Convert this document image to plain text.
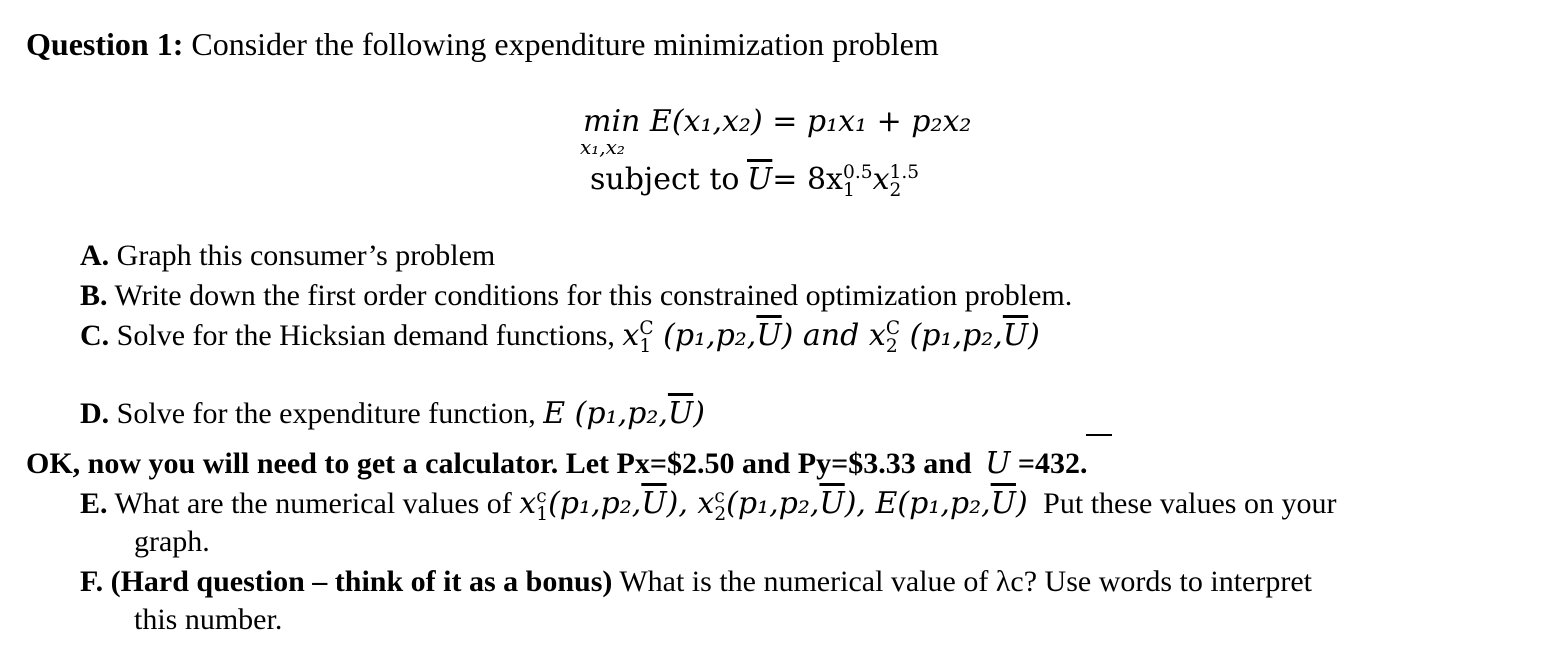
Question 1: Consider the following expenditure minimization problem
min E(x₁,x₂) = p₁x₁ + p₂x₂
x₁,x₂
subject to $\overline{U}= 8x$ 0.5
1 x 1.5
2
A. Graph this consumer’s problem
B. Write down the first order conditions for this constrained optimization problem.
C. Solve for the Hicksian demand functions, x C
1 $(p_1,p_2,\overline{U})$ and x C
2 $(p_1,p_2,\overline{U})$
D. Solve for the expenditure function, E $(p_1,p_2,\overline{U})$
OK, now you will need to get a calculator. Let Px=$2.50 and Py=$3.33 and U =432.
E. What are the numerical values of x c
1 $(p_1,p_2,\overline{U})$, x c
2 $(p_1,p_2,\overline{U})$, $E(p_1,p_2,\overline{U})$ Put these values on your
graph.
F. (Hard question – think of it as a bonus) What is the numerical value of λc? Use words to interpret
this number.
